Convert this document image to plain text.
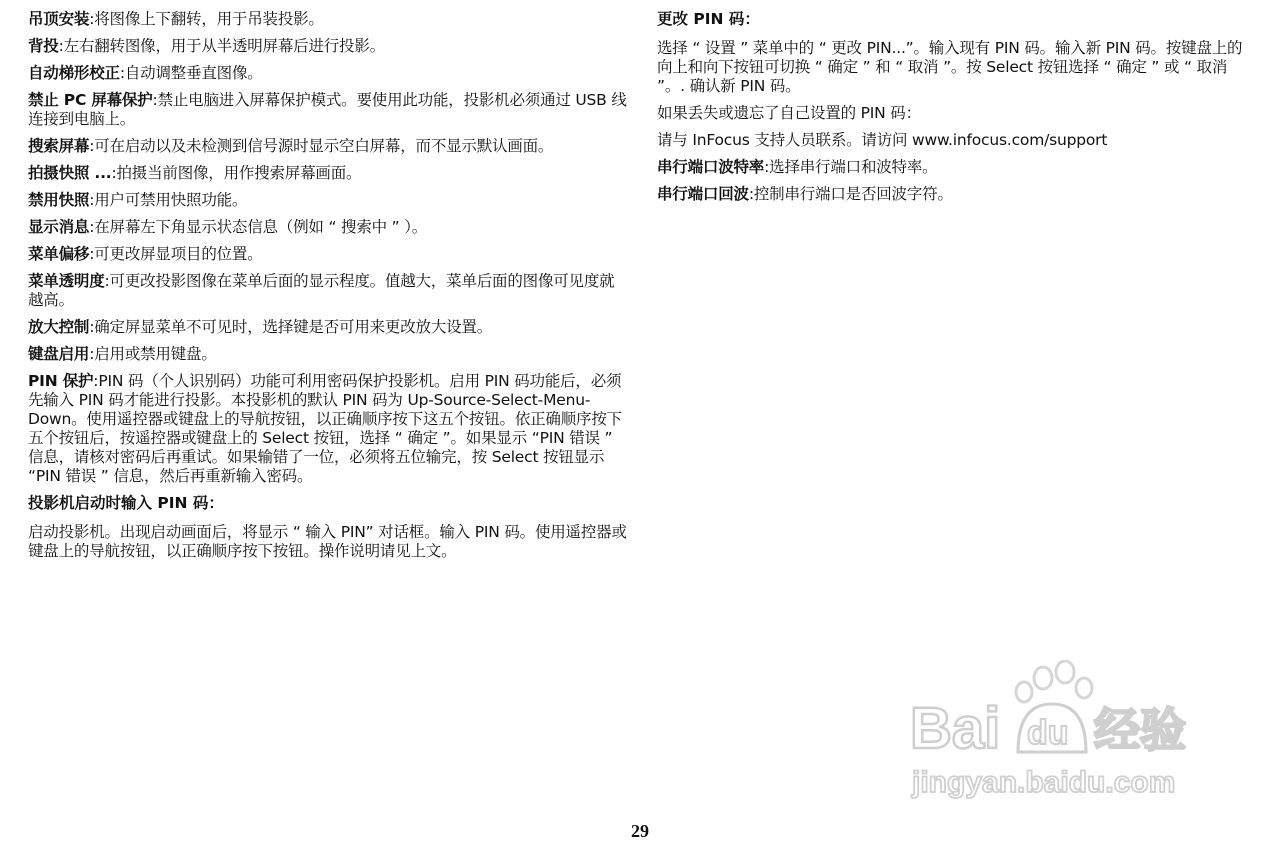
吊顶安装:将图像上下翻转，用于吊装投影。

背投:左右翻转图像，用于从半透明屏幕后进行投影。

自动梯形校正:自动调整垂直图像。

禁止 PC 屏幕保护:禁止电脑进入屏幕保护模式。要使用此功能，投影机必须通过 USB 线连接到电脑上。

搜索屏幕:可在启动以及未检测到信号源时显示空白屏幕，而不显示默认画面。

拍摄快照 ...:拍摄当前图像，用作搜索屏幕画面。

禁用快照:用户可禁用快照功能。

显示消息:在屏幕左下角显示状态信息（例如 “ 搜索中 ” ）。

菜单偏移:可更改屏显项目的位置。

菜单透明度:可更改投影图像在菜单后面的显示程度。值越大，菜单后面的图像可见度就越高。

放大控制:确定屏显菜单不可见时，选择键是否可用来更改放大设置。

键盘启用:启用或禁用键盘。

PIN 保护:PIN 码（个人识别码）功能可利用密码保护投影机。启用 PIN 码功能后，必须先输入 PIN 码才能进行投影。本投影机的默认 PIN 码为 Up-Source-Select-Menu-Down。使用遥控器或键盘上的导航按钮，以正确顺序按下这五个按钮。依正确顺序按下五个按钮后，按遥控器或键盘上的 Select 按钮，选择 “ 确定 ”。如果显示 “PIN 错误 ” 信息，请核对密码后再重试。如果输错了一位，必须将五位输完，按 Select 按钮显示 “PIN 错误 ” 信息，然后再重新输入密码。

投影机启动时输入 PIN 码：

启动投影机。出现启动画面后，将显示 “ 输入 PIN” 对话框。输入 PIN 码。使用遥控器或键盘上的导航按钮，以正确顺序按下按钮。操作说明请见上文。

更改 PIN 码：

选择 “ 设置 ” 菜单中的 “ 更改 PIN...”。输入现有 PIN 码。输入新 PIN 码。按键盘上的向上和向下按钮可切换 “ 确定 ” 和 “ 取消 ”。按 Select 按钮选择 “ 确定 ” 或 “ 取消 ”。. 确认新 PIN 码。

如果丢失或遗忘了自己设置的 PIN 码：

请与 InFocus 支持人员联系。请访问 www.infocus.com/support

串行端口波特率:选择串行端口和波特率。

串行端口回波:控制串行端口是否回波字符。

Bai du 经验
jingyan.baidu.com
29
